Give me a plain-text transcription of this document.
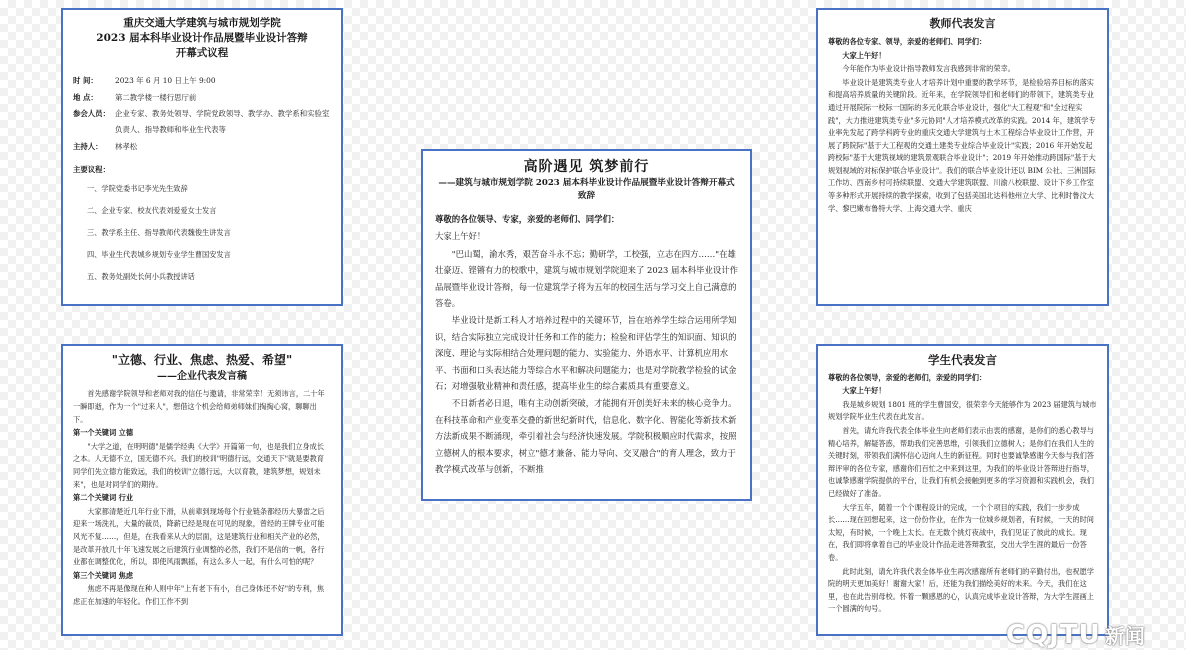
重庆交通大学建筑与城市规划学院
2023 届本科毕业设计作品展暨毕业设计答辩
开幕式议程
时 间：	2023 年 6 月 10 日上午 9:00
地 点：	第二教学楼一楼行思厅前
参会人员： 企业专家、教务处领导、学院党政领导、教学办、教学系和实验室负责人、指导教师和毕业生代表等
主持人：	林孝松
主要议程：
一、学院党委书记李光先生致辞
二、企业专家、校友代表刘爱爱女士发言
三、教学系主任、指导教师代表魏俊生讲发言
四、毕业生代表城乡规划专业学生曹国安发言
五、教务处副处长何小兵教授讲话
教师代表发言

尊敬的各位专家、领导，亲爱的老师们、同学们：

大家上午好！

今年能作为毕业设计指导教师发言我感到非常的荣幸。

毕业设计是建筑类专业人才培养计划中重要的教学环节，是检验培养目标的落实和提高培养质量的关键阶段。近年来，在学院领导们和老师们的带领下，建筑类专业通过开展院际一校际一国际的多元化联合毕业设计，强化"大工程观"和"全过程实践"，大力推进建筑类专业"多元协同"人才培养模式改革的实践。2014 年，建筑学专业率先发起了跨学科跨专业的重庆交通大学建筑与土木工程综合毕业设计工作营，开展了跨院际"基于大工程观的交通土建类专业综合毕业设计"实践；2016 年开始发起跨校际"基于大建筑视域的建筑景观联合毕业设计"；2019 年开始推动跨国际"基于大规划视域的对标保护联合毕业设计"。我们的联合毕业设计还以 BIM 公社、三洲国际工作坊、西南乡村可持续联盟、交通大学建筑联盟、川渝八校联盟、设计下乡工作室等多种形式开展持续的教学探索，收到了包括美国北达科他州立大学、比利时鲁汶大学、黎巴嫩布鲁特大学、上海交通大学、重庆

高阶遇见 筑梦前行
——建筑与城市规划学院 2023 届本科毕业设计作品展暨毕业设计答辩开幕式致辞

尊敬的各位领导、专家，亲爱的老师们、同学们：

大家上午好！

"巴山蜀，渝水秀，艰苦奋斗永不忘；勤研学，工校强，立志在四方……"在雄壮豪迈、铿锵有力的校歌中，建筑与城市规划学院迎来了 2023 届本科毕业设计作品展暨毕业设计答辩，每一位建筑学子将为五年的校园生活与学习交上自己满意的答卷。

毕业设计是新工科人才培养过程中的关键环节，旨在培养学生综合运用所学知识，结合实际独立完成设计任务和工作的能力；检验和评估学生的知识面、知识的深度、理论与实际相结合处理问题的能力、实验能力、外语水平、计算机应用水平、书面和口头表达能力等综合水平和解决问题能力；也是对学院教学检验的试金石；对增强敬业精神和责任感，提高毕业生的综合素质具有重要意义。

不日新者必日退，唯有主动创新突破，才能拥有开创美好未来的核心竞争力。在科技革命和产业变革交叠的新世纪新时代，信息化、数字化、智能化等新技术新方法新成果不断涌现，牵引着社会与经济快速发展。学院积极顺应时代需求，按照立德树人的根本要求，树立"德才兼备、能力导向、交叉融合"的育人理念，致力于教学模式改革与创新，不断推

"立德、行业、焦虑、热爱、希望"
——企业代表发言稿

首先感谢学院领导和老师对我的信任与邀请，非常荣幸！无须讳言，二十年一瞬即逝，作为一个"过来人"，想借这个机会给师弟师妹们掏掏心窝，聊聊出下。

第一个关键词 立德

"大学之道，在明明德"是儒学经典《大学》开篇第一句，也是我们立身成长之本。人无德不立，国无德不兴。我们的校训"明德行远，交通天下"就是要教育同学们先立德方能致远，我们的校训"立德行远，大以育教，建筑梦想，规划未来"，也是对同学们的期待。

第二个关键词 行业

大家都清楚近几年行业下滑，从前辈到现场每个行业链条都经历大暴雷之后迎来一场洗礼，大量的裁员，降薪已经是现在可见的现象，曾经的王牌专业可能风光不复……，但是，在我看来从大的层面，这是建筑行业和相关产业的必然，是改革开放几十年飞速发展之后建筑行业调整的必然，我们不是信的一帆，各行业都在调整优化，所以，即使风雨飘摇，有这么多人一起，有什么可怕的呢？

第三个关键词 焦虑

焦虑不再是像现在种人则中年"上有老下有小，自己身体还不好"的专利，焦虑正在加速的年轻化。作们工作不到

学生代表发言

尊敬的各位领导，亲爱的老师们，亲爱的同学们：

大家上午好！

我是城乡规划 1801 班的学生曹国安，很荣幸今天能够作为 2023 届建筑与城市规划学院毕业生代表在此发言。

首先，请允许我代表全体毕业生向老师们表示由衷的感谢，是你们的悉心教导与精心培养，解疑答惑，帮助我们完善思维，引领我们立德树人；是你们在我们人生的关键时刻，带领我们满怀信心迈向人生的新征程。同时也要诚挚感谢今天参与我们答辩评审的各位专家，感谢你们百忙之中来到这里，为我们的毕业设计答辩进行指导，也诚挚感谢学院提供的平台，让我们有机会接触到更多的学习资源和实践机会，我们已经做好了准备。

大学五年，随着一个个课程设计的完成，一个个项目的实践，我们一步步成长……现在回想起来，这一份份作业，在作为一位城乡规划者，有时候，一天的时间太短，有时候，一个晚上太长。在无数个挑灯夜战中，我们见证了彼此的成长。现在，我们即将拿着自己的毕业设计作品走进答辩教室，交出大学生涯的最后一份答卷。

此时此刻，请允许我代表全体毕业生再次感谢所有老师们的辛勤付出，也祝愿学院的明天更加美好！谢谢大家！后，还能为我们描绘美好的未来。今天，我们在这里，也在此告别母校。怀着一颗感恩的心，认真完成毕业设计答辩，为大学生涯画上一个圆满的句号。

CQJTU 新闻
